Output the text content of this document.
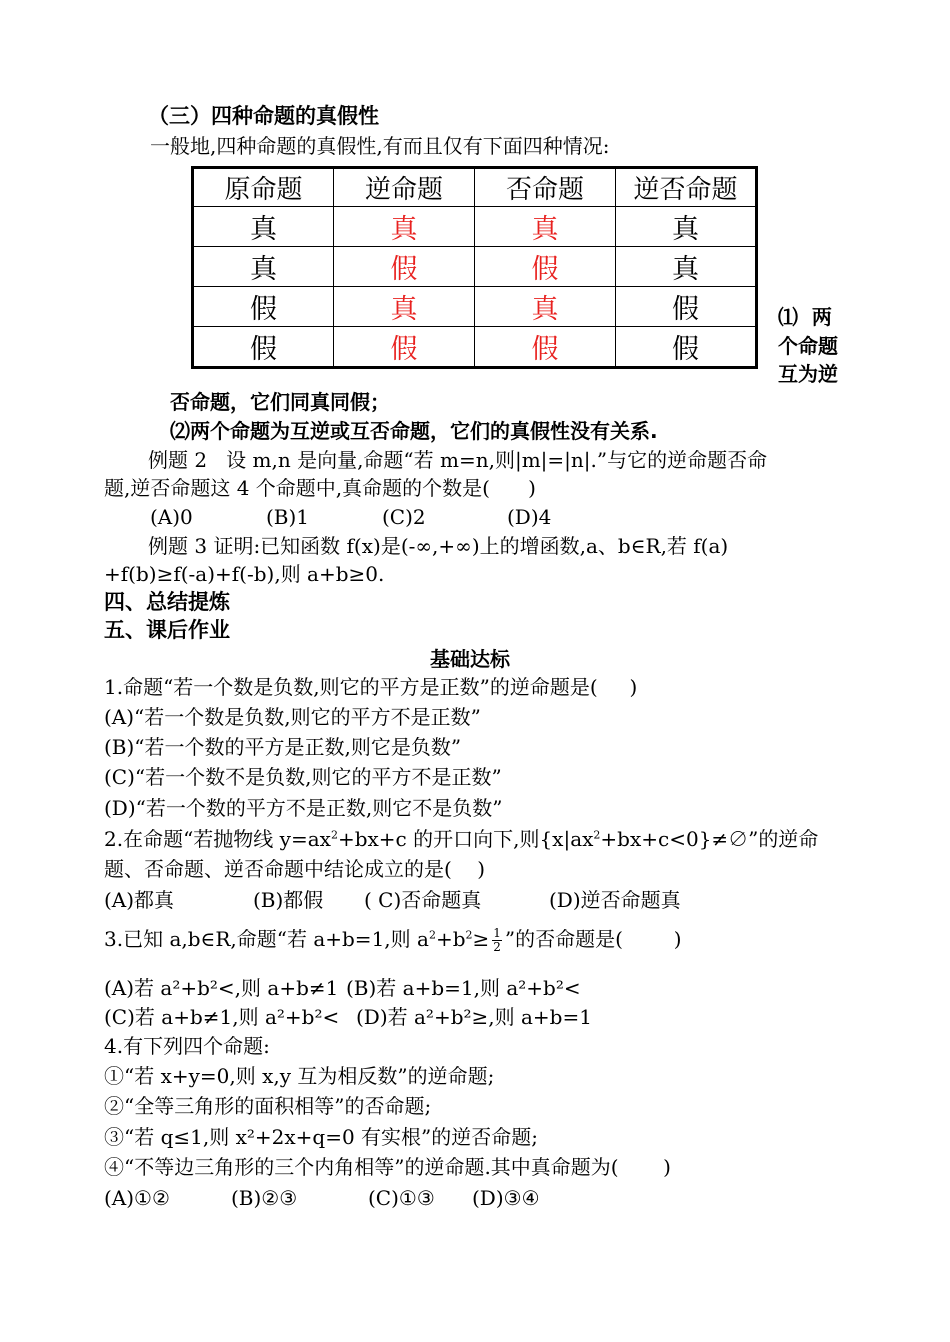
（三）四种命题的真假性
一般地,四种命题的真假性,有而且仅有下面四种情况:
原命题	逆命题	否命题	逆否命题
真	真	真	真
真	假	假	真
假	真	真	假
假	假	假	假
⑴  两
个命题
互为逆
否命题，它们同真同假；
⑵两个命题为互逆或互否命题，它们的真假性没有关系.
例题 2   设 m,n 是向量,命题“若 m=n,则|m|=|n|.”与它的逆命题否命
题,逆否命题这 4 个命题中,真命题的个数是(      )
(A)0	(B)1	(C)2	(D)4
例题 3 证明:已知函数 f(x)是(-∞,+∞)上的增函数,a、b∈R,若 f(a)
+f(b)≥f(-a)+f(-b),则 a+b≥0.
四、总结提炼
五、课后作业
基础达标
1.命题“若一个数是负数,则它的平方是正数”的逆命题是(     )
(A)“若一个数是负数,则它的平方不是正数”
(B)“若一个数的平方是正数,则它是负数”
(C)“若一个数不是负数,则它的平方不是正数”
(D)“若一个数的平方不是正数,则它不是负数”
2.在命题“若抛物线 $y=ax^2+bx+c$ 的开口向下,则$\{x|ax^2+bx+c<0\}\ne\emptyset$”的逆命
题、否命题、逆否命题中结论成立的是(    )
(A)都真	(B)都假 ( C)否命题真	(D)逆否命题真
3.已知 a,b∈R,命题“若 a+b=1,则 $a^2+b^2\ge \frac{1}{2}$ ”的否命题是(        )
(A)若 a²+b²<,则 a+b≠1 (B)若 a+b=1,则 a²+b²<
(C)若 a+b≠1,则 a²+b²< (D)若 a²+b²≥,则 a+b=1
4.有下列四个命题:
①“若 x+y=0,则 x,y 互为相反数”的逆命题;
②“全等三角形的面积相等”的否命题;
③“若 q≤1,则 x²+2x+q=0 有实根”的逆否命题;
④“不等边三角形的三个内角相等”的逆命题.其中真命题为(       )
(A)①②	(B)②③	(C)①③ (D)③④
